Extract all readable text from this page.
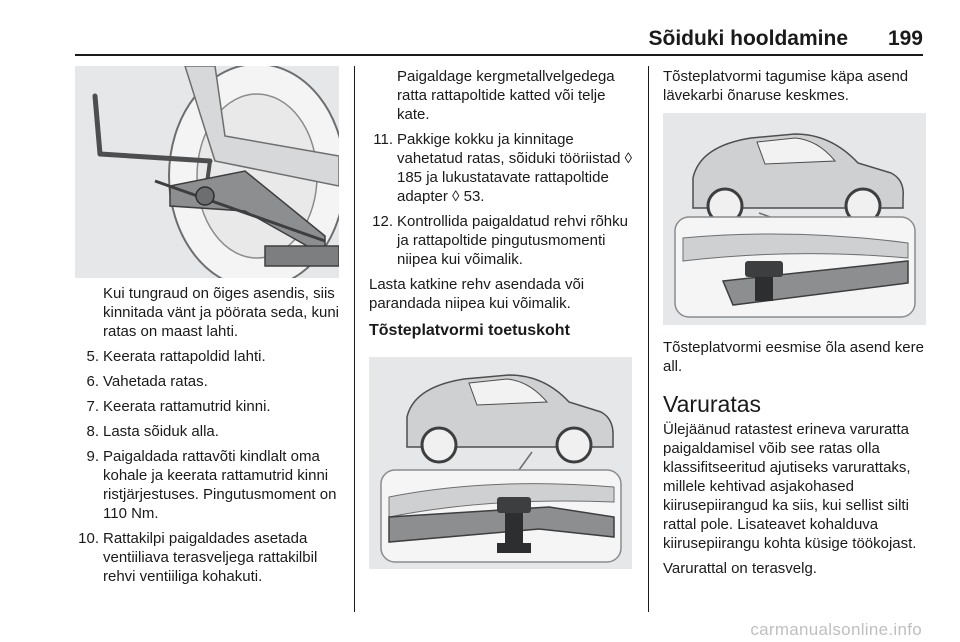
Sõiduki hooldamine 199

Kui tungraud on õiges asendis, siis kinnitada vänt ja pöörata seda, kuni ratas on maast lahti.

5. Keerata rattapoldid lahti.
6. Vahetada ratas.
7. Keerata rattamutrid kinni.
8. Lasta sõiduk alla.
9. Paigaldada rattavõti kindlalt oma kohale ja keerata rattamutrid kinni ristjärjestuses. Pingutusmoment on 110 Nm.
10. Rattakilpi paigaldades asetada ventiiliava terasveljega rattakilbil rehvi ventiiliga kohakuti.

Paigaldage kergmetallvelgedega ratta rattapoltide katted või telje kate.

11. Pakkige kokku ja kinnitage vahetatud ratas, sõiduki tööriistad ◊ 185 ja lukustatavate rattapoltide adapter ◊ 53.
12. Kontrollida paigaldatud rehvi rõhku ja rattapoltide pingutusmomenti niipea kui võimalik.

Lasta katkine rehv asendada või parandada niipea kui võimalik.

Tõsteplatvormi toetuskoht

Tõsteplatvormi tagumise käpa asend lävekarbi õnaruse keskmes.

Tõsteplatvormi eesmise õla asend kere all.

Varuratas

Ülejäänud ratastest erineva varuratta paigaldamisel võib see ratas olla klassifitseeritud ajutiseks varurattaks, millele kehtivad asjakohased kiirusepiirangud ka siis, kui sellist silti rattal pole. Lisateavet kohalduva kiirusepiirangu kohta küsige töökojast.

Varurattal on terasvelg.

carmanualsonline.info
